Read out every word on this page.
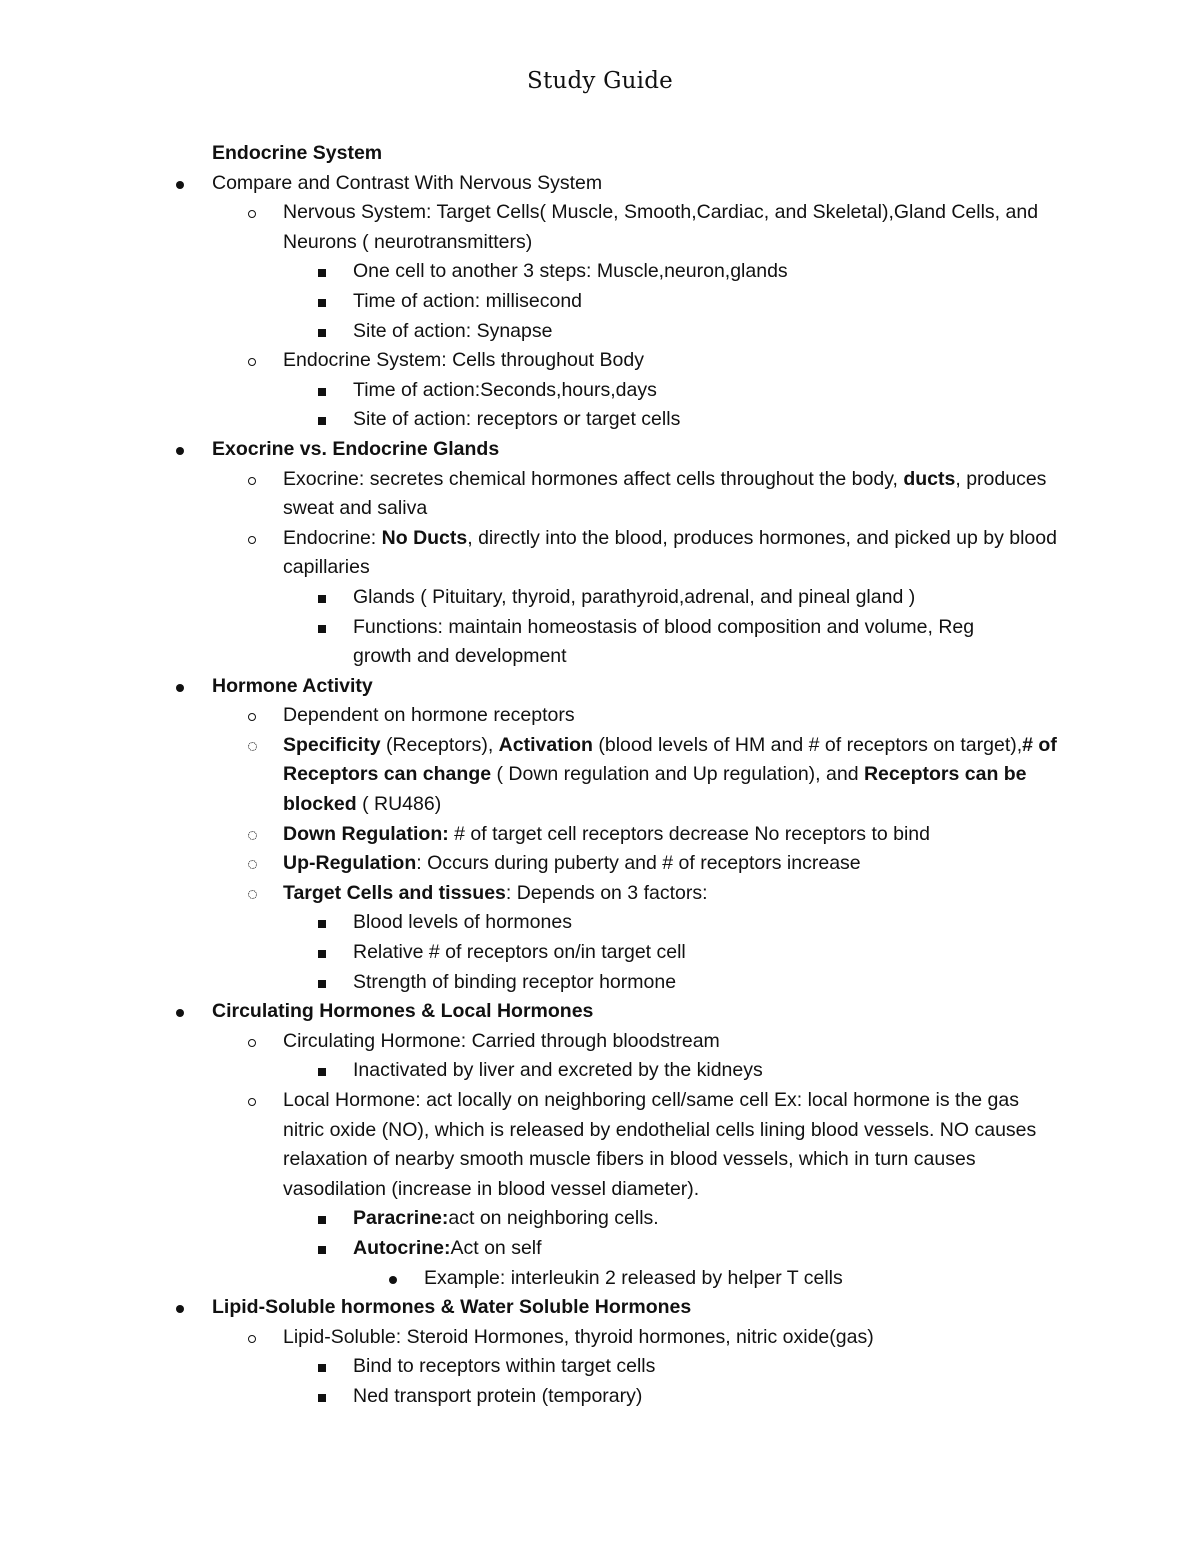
Study Guide
Endocrine System
Compare and Contrast With Nervous System
Nervous System: Target Cells( Muscle, Smooth,Cardiac, and Skeletal),Gland Cells, and Neurons ( neurotransmitters)
One cell to another 3 steps: Muscle,neuron,glands
Time of action: millisecond
Site of action: Synapse
Endocrine System: Cells throughout Body
Time of action:Seconds,hours,days
Site of action: receptors or target cells
Exocrine vs. Endocrine Glands
Exocrine: secretes chemical hormones affect cells throughout the body, ducts, produces sweat and saliva
Endocrine: No Ducts, directly into the blood, produces hormones, and picked up by blood capillaries
Glands ( Pituitary, thyroid, parathyroid,adrenal, and pineal gland )
Functions: maintain homeostasis of blood composition and volume, Reg growth and development
Hormone Activity
Dependent on hormone receptors
Specificity (Receptors), Activation (blood levels of HM and # of receptors on target),# of Receptors can change ( Down regulation and Up regulation), and Receptors can be blocked ( RU486)
Down Regulation: # of target cell receptors decrease No receptors to bind
Up-Regulation: Occurs during puberty and # of receptors increase
Target Cells and tissues: Depends on 3 factors:
Blood levels of hormones
Relative # of receptors on/in target cell
Strength of binding receptor hormone
Circulating Hormones & Local Hormones
Circulating Hormone: Carried through bloodstream
Inactivated by liver and excreted by the kidneys
Local Hormone: act locally on neighboring cell/same cell Ex: local hormone is the gas nitric oxide (NO), which is released by endothelial cells lining blood vessels. NO causes relaxation of nearby smooth muscle fibers in blood vessels, which in turn causes vasodilation (increase in blood vessel diameter).
Paracrine:act on neighboring cells.
Autocrine:Act on self
Example: interleukin 2 released by helper T cells
Lipid-Soluble hormones & Water Soluble Hormones
Lipid-Soluble: Steroid Hormones, thyroid hormones, nitric oxide(gas)
Bind to receptors within target cells
Ned transport protein (temporary)
